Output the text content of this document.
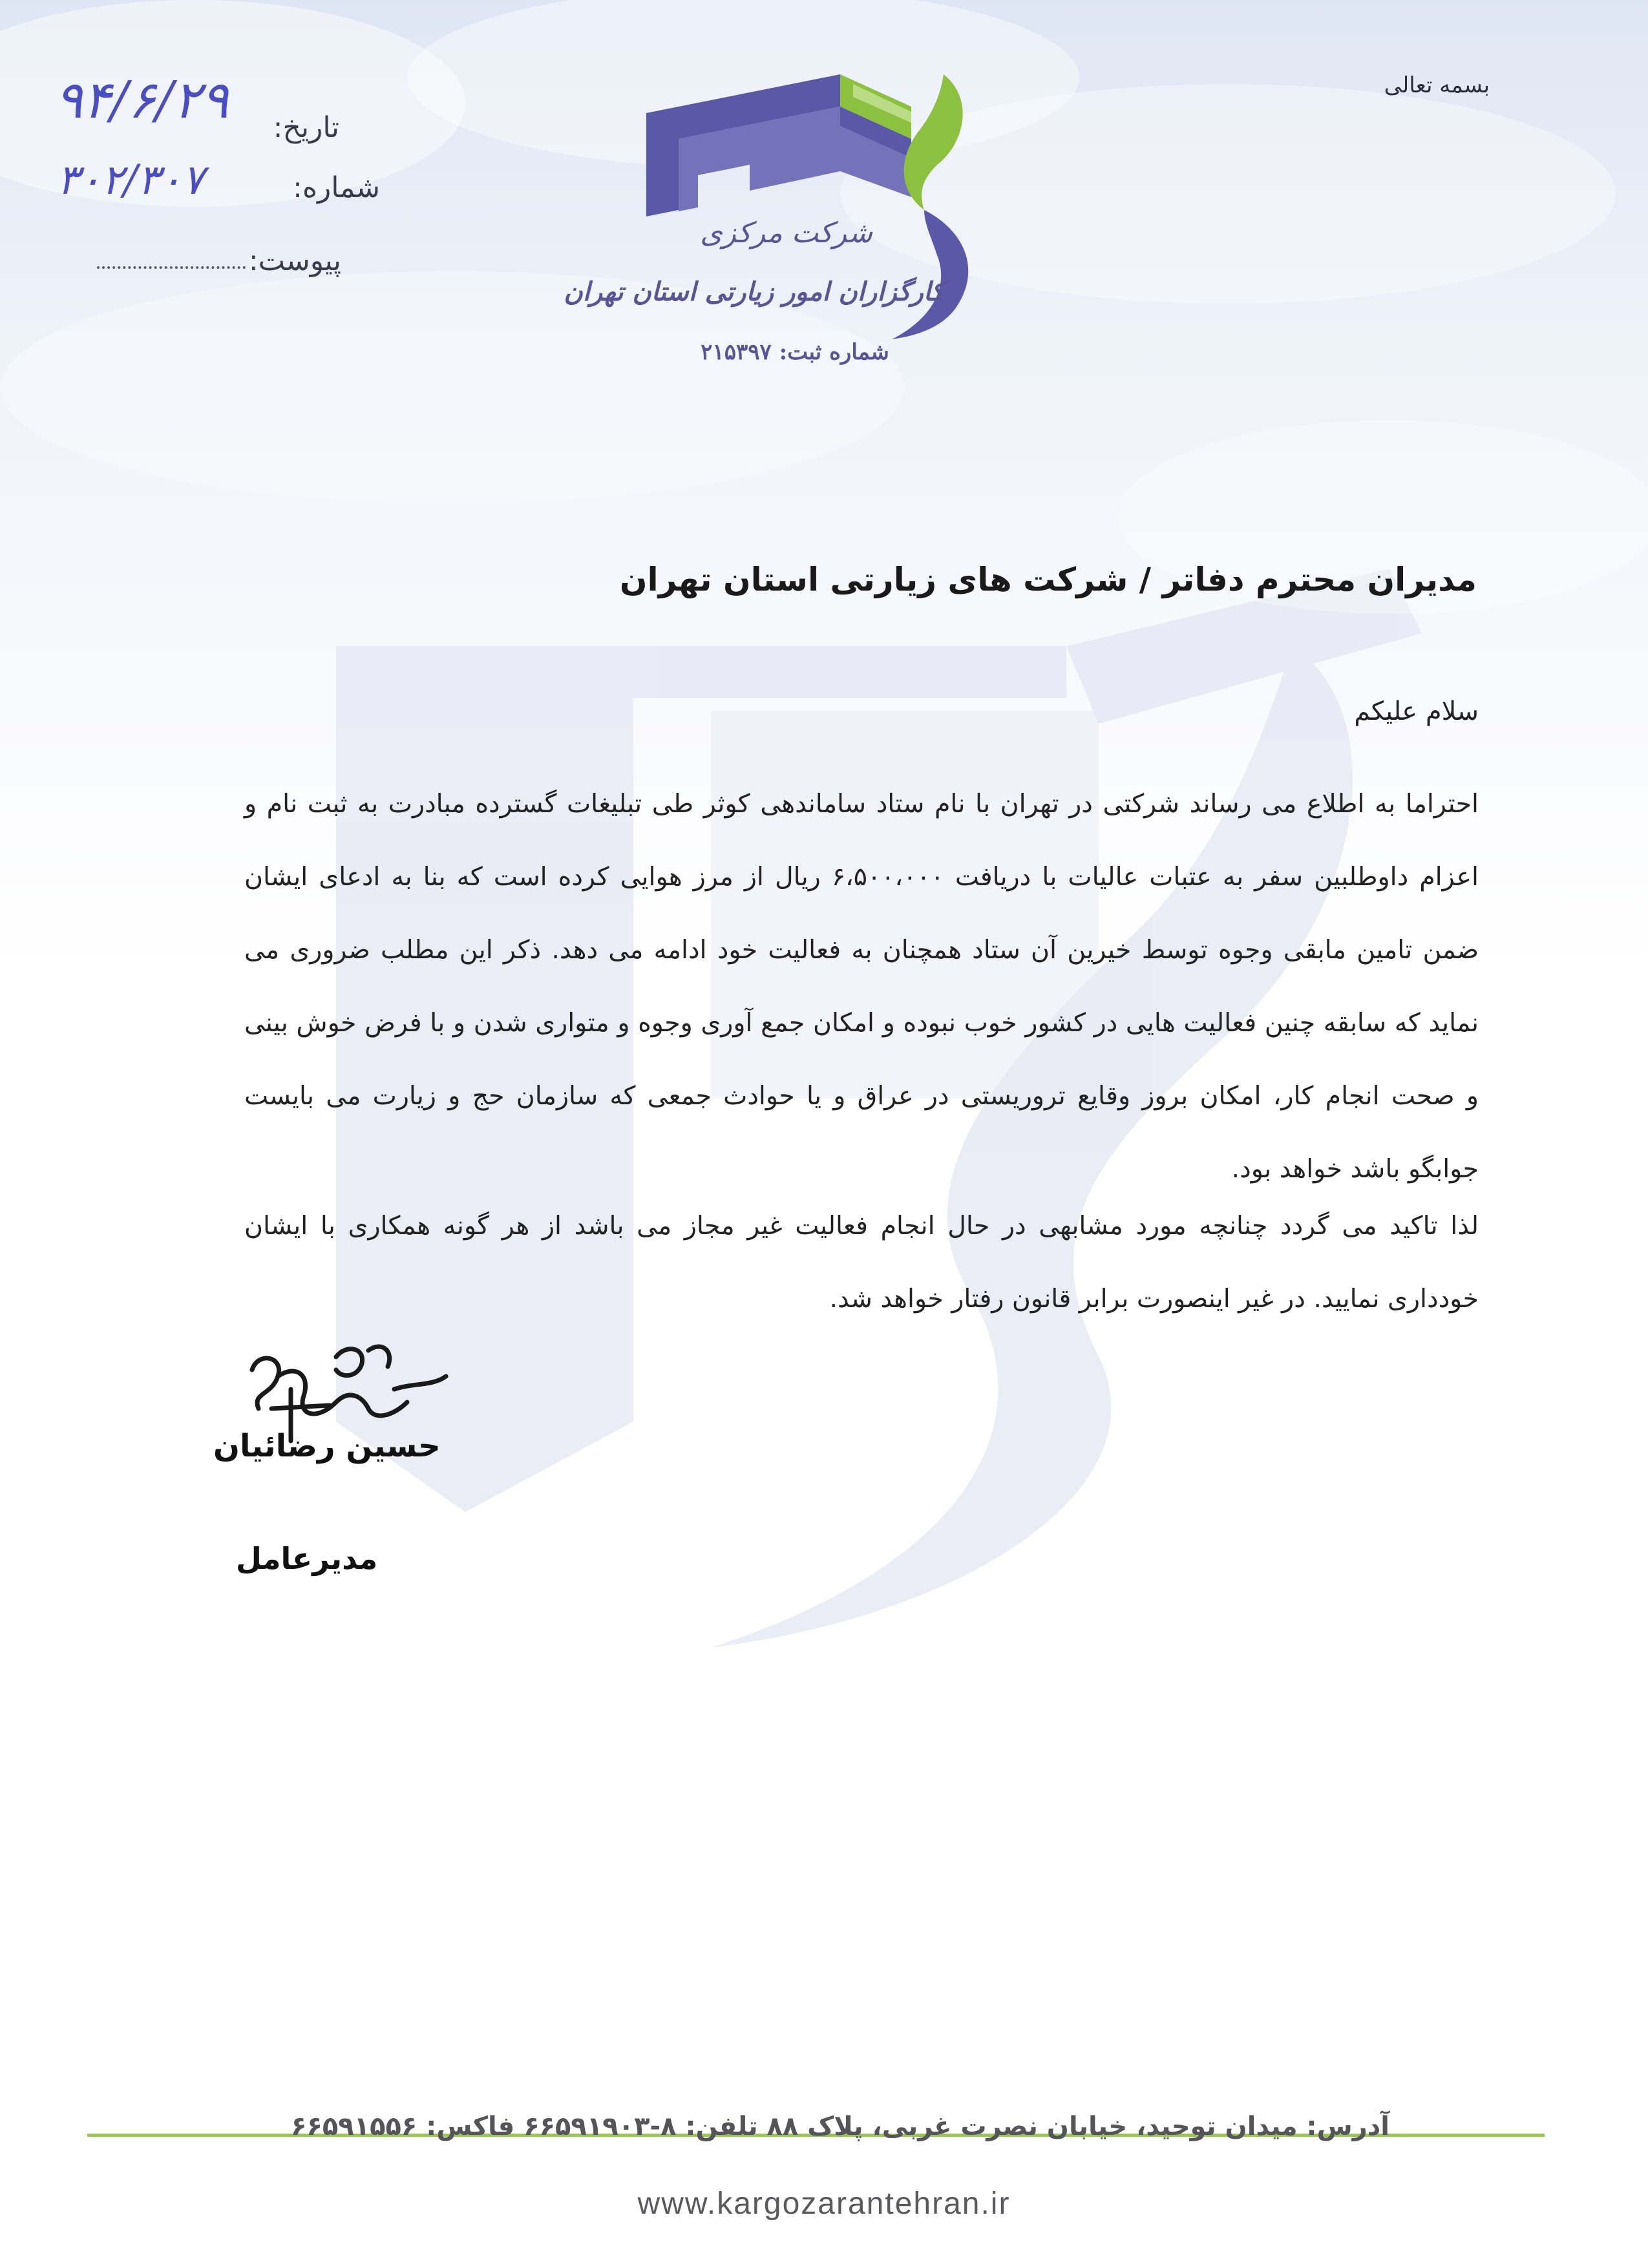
بسمه تعالی
تاریخ:
۹۴/۶/۲۹
شماره:
۳۰۲/۳۰۷
پیوست:
شرکت مرکزی
کارگزاران امور زیارتی استان تهران
شماره ثبت: ۲۱۵۳۹۷
مدیران محترم دفاتر / شرکت های زیارتی استان تهران
سلام علیکم
احتراما به اطلاع می رساند شرکتی در تهران با نام ستاد ساماندهی کوثر طی تبلیغات گسترده مبادرت به ثبت نام و اعزام داوطلبین سفر به عتبات عالیات با دریافت ۶،۵۰۰،۰۰۰ ریال از مرز هوایی کرده است که بنا به ادعای ایشان ضمن تامین مابقی وجوه توسط خیرین آن ستاد همچنان به فعالیت خود ادامه می دهد. ذکر این مطلب ضروری می نماید که سابقه چنین فعالیت هایی در کشور خوب نبوده و امکان جمع آوری وجوه و متواری شدن و با فرض خوش بینی و صحت انجام کار، امکان بروز وقایع تروریستی در عراق و یا حوادث جمعی که سازمان حج و زیارت می بایست جوابگو باشد خواهد بود.
لذا تاکید می گردد چنانچه مورد مشابهی در حال انجام فعالیت غیر مجاز می باشد از هر گونه همکاری با ایشان خودداری نمایید. در غیر اینصورت برابر قانون رفتار خواهد شد.
حسین رضائیان
مدیرعامل
آدرس: میدان توحید، خیابان نصرت غربی، پلاک ۸۸ تلفن: ۸-۶۶۵۹۱۹۰۳ فاکس: ۶۶۵۹۱۵۵۶
www.kargozarantehran.ir
